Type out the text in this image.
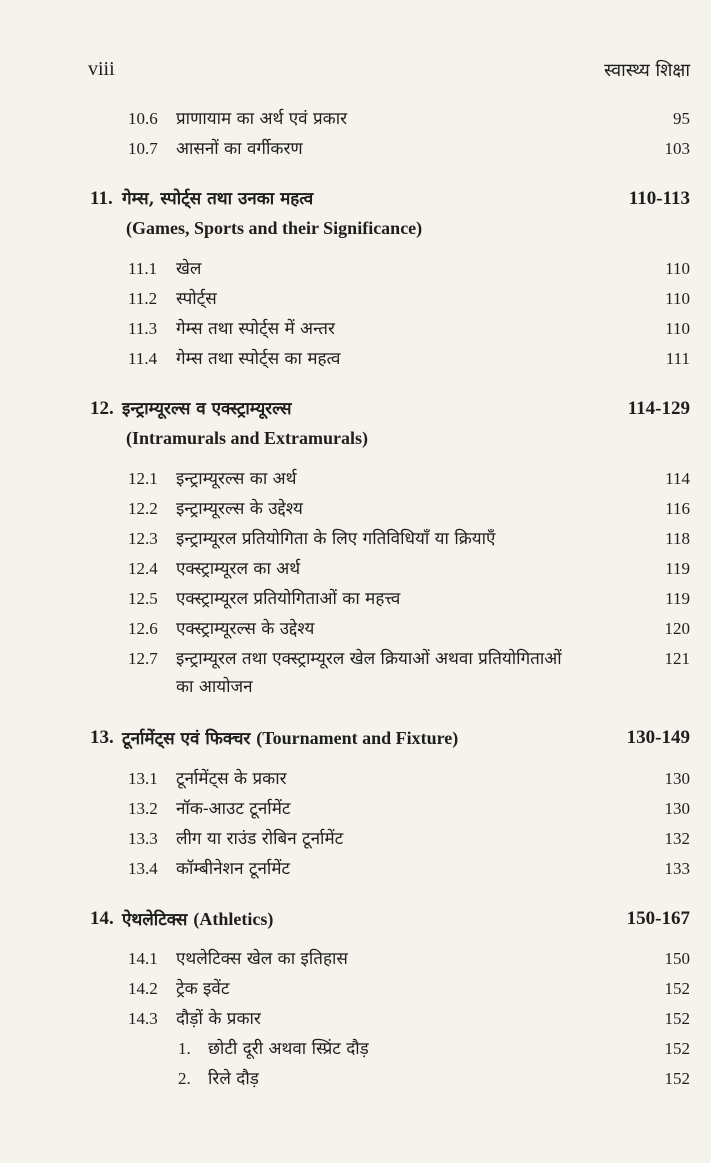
viii	स्वास्थ्य शिक्षा
10.6 प्राणायाम का अर्थ एवं प्रकार	95
10.7 आसनों का वर्गीकरण	103
11. गेम्स, स्पोर्ट्स तथा उनका महत्व	110-113
(Games, Sports and their Significance)
11.1 खेल	110
11.2 स्पोर्ट्स	110
11.3 गेम्स तथा स्पोर्ट्स में अन्तर	110
11.4 गेम्स तथा स्पोर्ट्स का महत्व	111
12. इन्ट्राम्यूरल्स व एक्स्ट्राम्यूरल्स	114-129
(Intramurals and Extramurals)
12.1 इन्ट्राम्यूरल्स का अर्थ	114
12.2 इन्ट्राम्यूरल्स के उद्देश्य	116
12.3 इन्ट्राम्यूरल प्रतियोगिता के लिए गतिविधियाँ या क्रियाएँ	118
12.4 एक्स्ट्राम्यूरल का अर्थ	119
12.5 एक्स्ट्राम्यूरल प्रतियोगिताओं का महत्त्व	119
12.6 एक्स्ट्राम्यूरल्स के उद्देश्य	120
12.7 इन्ट्राम्यूरल तथा एक्स्ट्राम्यूरल खेल क्रियाओं अथवा प्रतियोगिताओं	121
का आयोजन
13. टूर्नामेंट्स एवं फिक्चर (Tournament and Fixture)	130-149
13.1 टूर्नामेंट्स के प्रकार	130
13.2 नॉक-आउट टूर्नामेंट	130
13.3 लीग या राउंड रोबिन टूर्नामेंट	132
13.4 कॉम्बीनेशन टूर्नामेंट	133
14. ऐथलेटिक्स (Athletics)	150-167
14.1 एथलेटिक्स खेल का इतिहास	150
14.2 ट्रेक इवेंट	152
14.3 दौड़ों के प्रकार	152
1. छोटी दूरी अथवा स्प्रिंट दौड़	152
2. रिले दौड़	152
